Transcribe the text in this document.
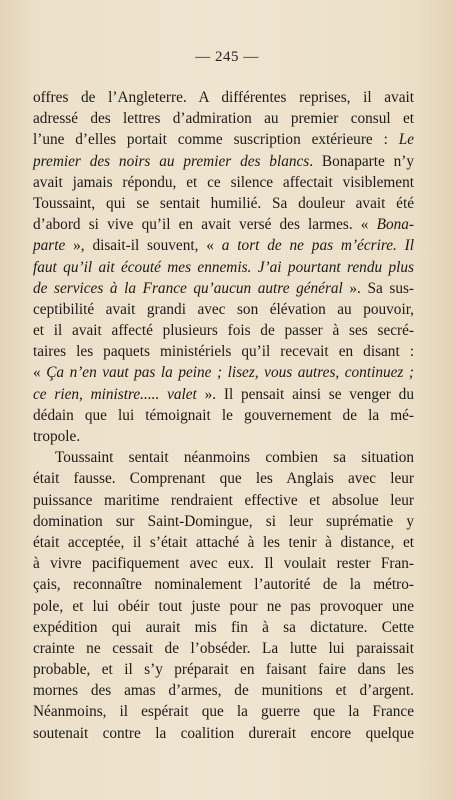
— 245 —
offres de l’Angleterre. A différentes reprises, il avait
adressé des lettres d’admiration au premier consul et
l’une d’elles portait comme suscription extérieure : Le
premier des noirs au premier des blancs. Bonaparte n’y
avait jamais répondu, et ce silence affectait visiblement
Toussaint, qui se sentait humilié. Sa douleur avait été
d’abord si vive qu’il en avait versé des larmes. « Bona-
parte », disait-il souvent, « a tort de ne pas m’écrire. Il
faut qu’il ait écouté mes ennemis. J’ai pourtant rendu plus
de services à la France qu’aucun autre général ». Sa sus-
ceptibilité avait grandi avec son élévation au pouvoir,
et il avait affecté plusieurs fois de passer à ses secré-
taires les paquets ministériels qu’il recevait en disant :
« Ça n’en vaut pas la peine ; lisez, vous autres, continuez ;
ce rien, ministre..... valet ». Il pensait ainsi se venger du
dédain que lui témoignait le gouvernement de la mé-
tropole.
Toussaint sentait néanmoins combien sa situation
était fausse. Comprenant que les Anglais avec leur
puissance maritime rendraient effective et absolue leur
domination sur Saint-Domingue, si leur suprématie y
était acceptée, il s’était attaché à les tenir à distance, et
à vivre pacifiquement avec eux. Il voulait rester Fran-
çais, reconnaître nominalement l’autorité de la métro-
pole, et lui obéir tout juste pour ne pas provoquer une
expédition qui aurait mis fin à sa dictature. Cette
crainte ne cessait de l’obséder. La lutte lui paraissait
probable, et il s’y préparait en faisant faire dans les
mornes des amas d’armes, de munitions et d’argent.
Néanmoins, il espérait que la guerre que la France
soutenait contre la coalition durerait encore quelque
